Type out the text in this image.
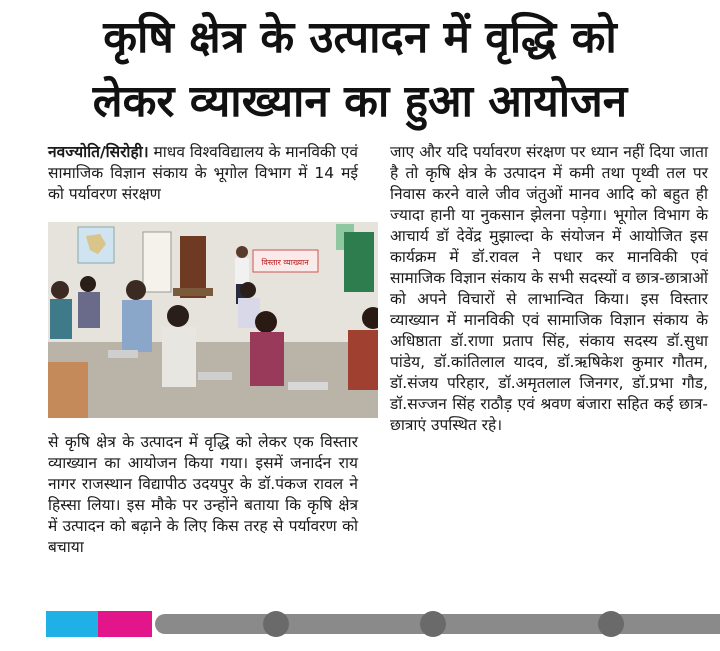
कृषि क्षेत्र के उत्पादन में वृद्धि को
लेकर व्याख्यान का हुआ आयोजन
नवज्योति/सिरोही। माधव विश्वविद्यालय के मानविकी एवं सामाजिक विज्ञान संकाय के भूगोल विभाग में 14 मई को पर्यावरण संरक्षण
विस्तार व्याख्यान
से कृषि क्षेत्र के उत्पादन में वृद्धि को लेकर एक विस्तार व्याख्यान का आयोजन किया गया। इसमें जनार्दन राय नागर राजस्थान विद्यापीठ उदयपुर के डॉ.पंकज रावल ने हिस्सा लिया। इस मौके पर उन्होंने बताया कि कृषि क्षेत्र में उत्पादन को बढ़ाने के लिए किस तरह से पर्यावरण को बचाया
जाए और यदि पर्यावरण संरक्षण पर ध्यान नहीं दिया जाता है तो कृषि क्षेत्र के उत्पादन में कमी तथा पृथ्वी तल पर निवास करने वाले जीव जंतुओं मानव आदि को बहुत ही ज्यादा हानी या नुकसान झेलना पड़ेगा। भूगोल विभाग के आचार्य डॉ देवेंद्र मुझाल्दा के संयोजन में आयोजित इस कार्यक्रम में डॉ.रावल ने पधार कर मानविकी एवं सामाजिक विज्ञान संकाय के सभी सदस्यों व छात्र-छात्राओं को अपने विचारों से लाभान्वित किया। इस विस्तार व्याख्यान में मानविकी एवं सामाजिक विज्ञान संकाय के अधिष्ठाता डॉ.राणा प्रताप सिंह, संकाय सदस्य डॉ.सुधा पांडेय, डॉ.कांतिलाल यादव, डॉ.ऋषिकेश कुमार गौतम, डॉ.संजय परिहार, डॉ.अमृतलाल जिनगर, डॉ.प्रभा गौड, डॉ.सज्जन सिंह राठौड़ एवं श्रवण बंजारा सहित कई छात्र-छात्राएं उपस्थित रहे।
